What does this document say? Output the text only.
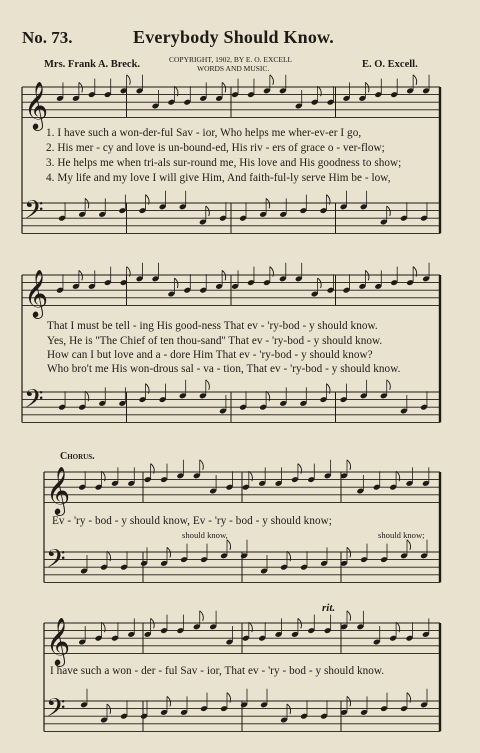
No. 73.	Everybody Should Know.
Mrs. Frank A. Breck.	COPYRIGHT, 1902, BY E. O. EXCELL
WORDS AND MUSIC.	E. O. Excell.
𝄞
𝄢
𝄞
𝄢
𝄞
𝄢
𝄞
𝄢
1. I have such a won-der-ful Sav - ior, Who helps me wher-ev-er I go,
2. His mer - cy and love is un-bound-ed, His riv - ers of grace o - ver-flow;
3. He helps me when tri-als sur-round me, His love and His goodness to show;
4. My life and my love I will give Him, And faith-ful-ly serve Him be - low,
That I must be tell - ing His good-ness That ev - 'ry-bod - y should know.
Yes, He is ''The Chief of ten thou-sand'' That ev - 'ry-bod - y should know.
How can I but love and a - dore Him That ev - 'ry-bod - y should know?
Who bro't me His won-drous sal - va - tion, That ev - 'ry-bod - y should know.
Chorus.
Ev - 'ry - bod - y should know, Ev - 'ry - bod - y should know;
should know,	should know;
rit.
I have such a won - der - ful Sav - ior, That ev - 'ry - bod - y should know.
